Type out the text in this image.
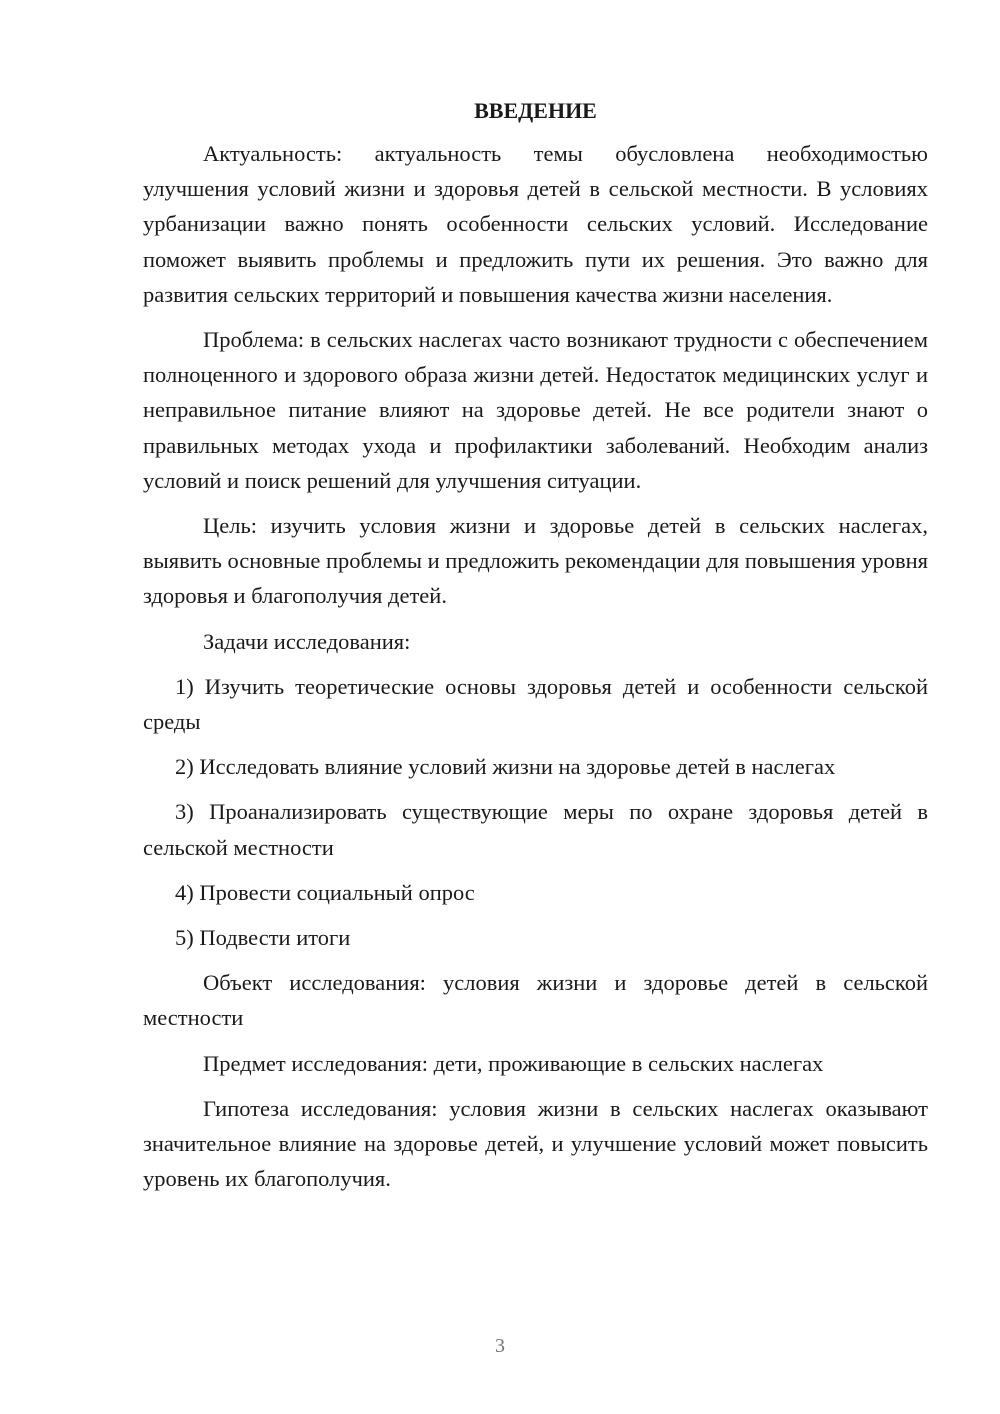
ВВЕДЕНИЕ

Актуальность: актуальность темы обусловлена необходимостью улучшения условий жизни и здоровья детей в сельской местности. В условиях урбанизации важно понять особенности сельских условий. Исследование поможет выявить проблемы и предложить пути их решения. Это важно для развития сельских территорий и повышения качества жизни населения.

Проблема: в сельских наслегах часто возникают трудности с обеспечением полноценного и здорового образа жизни детей. Недостаток медицинских услуг и неправильное питание влияют на здоровье детей. Не все родители знают о правильных методах ухода и профилактики заболеваний. Необходим анализ условий и поиск решений для улучшения ситуации.

Цель: изучить условия жизни и здоровье детей в сельских наслегах, выявить основные проблемы и предложить рекомендации для повышения уровня здоровья и благополучия детей.

Задачи исследования:

1) Изучить теоретические основы здоровья детей и особенности сельской среды

2) Исследовать влияние условий жизни на здоровье детей в наслегах

3) Проанализировать существующие меры по охране здоровья детей в сельской местности

4) Провести социальный опрос

5) Подвести итоги

Объект исследования: условия жизни и здоровье детей в сельской местности

Предмет исследования: дети, проживающие в сельских наслегах

Гипотеза исследования: условия жизни в сельских наслегах оказывают значительное влияние на здоровье детей, и улучшение условий может повысить уровень их благополучия.

3
